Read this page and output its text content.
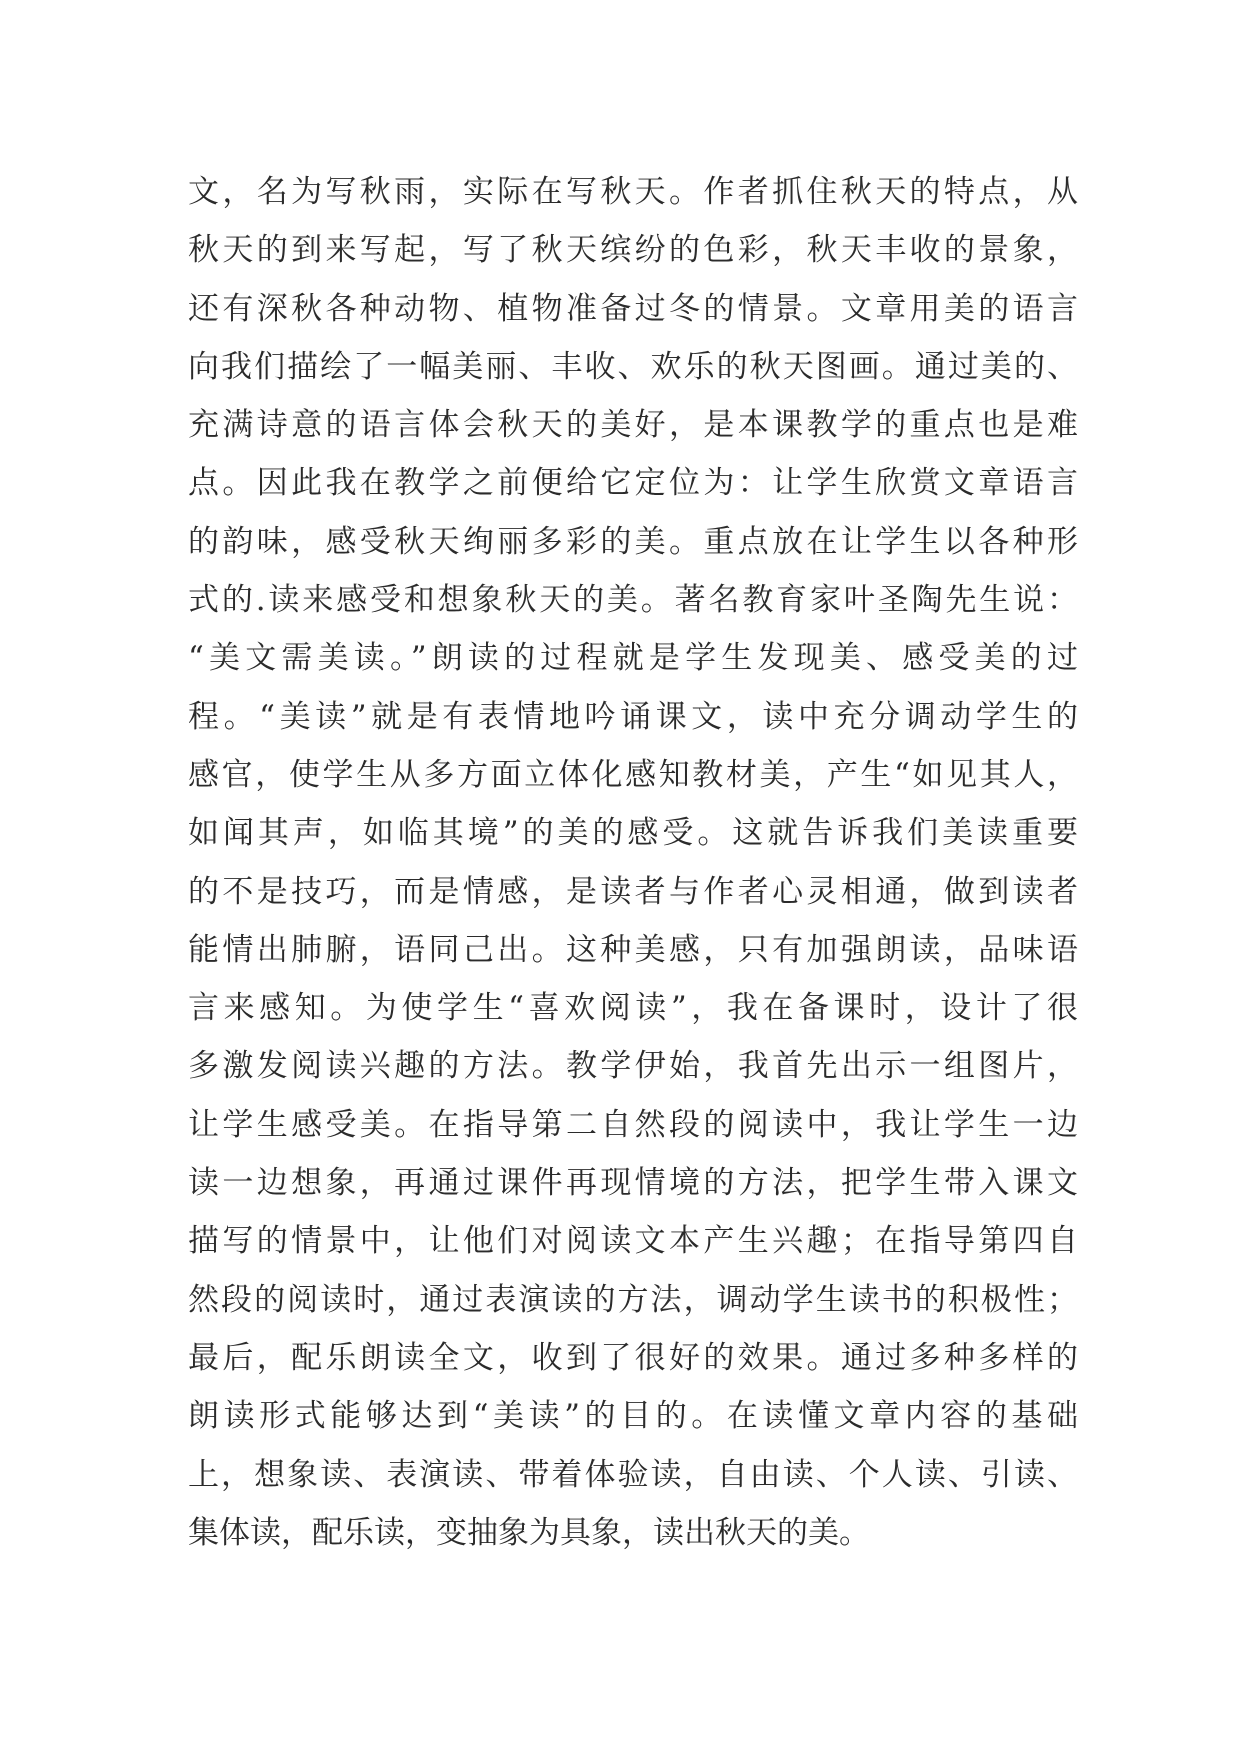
文，名为写秋雨，实际在写秋天。作者抓住秋天的特点，从
秋天的到来写起，写了秋天缤纷的色彩，秋天丰收的景象，
还有深秋各种动物、植物准备过冬的情景。文章用美的语言
向我们描绘了一幅美丽、丰收、欢乐的秋天图画。通过美的、
充满诗意的语言体会秋天的美好，是本课教学的重点也是难
点。因此我在教学之前便给它定位为：让学生欣赏文章语言
的韵味，感受秋天绚丽多彩的美。重点放在让学生以各种形
式的.读来感受和想象秋天的美。著名教育家叶圣陶先生说：
“美文需美读。”朗读的过程就是学生发现美、感受美的过
程。“美读”就是有表情地吟诵课文，读中充分调动学生的
感官，使学生从多方面立体化感知教材美，产生“如见其人，
如闻其声，如临其境”的美的感受。这就告诉我们美读重要
的不是技巧，而是情感，是读者与作者心灵相通，做到读者
能情出肺腑，语同己出。这种美感，只有加强朗读，品味语
言来感知。为使学生“喜欢阅读”，我在备课时，设计了很
多激发阅读兴趣的方法。教学伊始，我首先出示一组图片，
让学生感受美。在指导第二自然段的阅读中，我让学生一边
读一边想象，再通过课件再现情境的方法，把学生带入课文
描写的情景中，让他们对阅读文本产生兴趣；在指导第四自
然段的阅读时，通过表演读的方法，调动学生读书的积极性；
最后，配乐朗读全文，收到了很好的效果。通过多种多样的
朗读形式能够达到“美读”的目的。在读懂文章内容的基础
上，想象读、表演读、带着体验读，自由读、个人读、引读、
集体读，配乐读，变抽象为具象，读出秋天的美。
